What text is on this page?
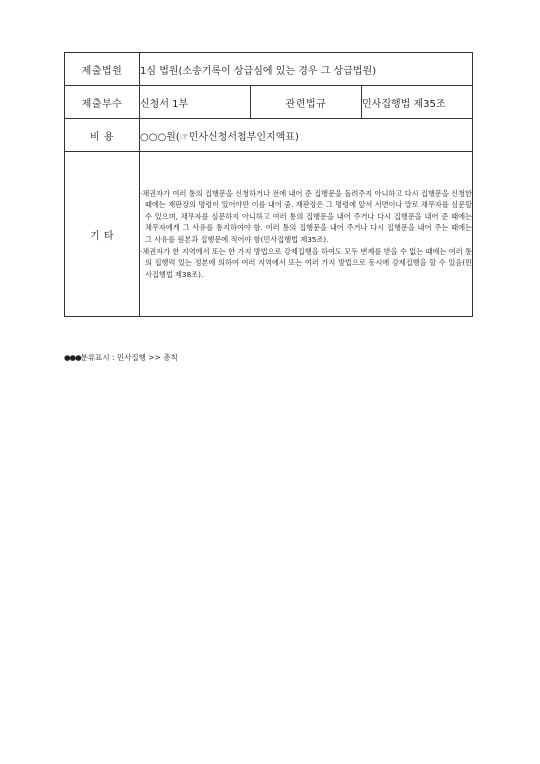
제출법원	1심 법원(소송기록이 상급심에 있는 경우 그 상급법원)		
제출부수	신청서 1부	관련법규	민사집행법 제35조
비 용	○○○원(☞민사신청서첩부인지액표)		
기 타	·채권자가 여러 통의 집행문을 신청하거나 전에 내어 준 집행문을 돌려주지 아니하고 다시 집행문을 신청한 때에는 재판장의 명령이 있어야만 이를 내어 줌. 재판장은 그 명령에 앞서 서면이나 말로 채무자를 심문할 수 있으며, 채무자를 심문하지 아니하고 여러 통의 집행문을 내어 주거나 다시 집행문을 내어 준 때에는 채무자에게 그 사유를 통지하여야 함. 여러 통의 집행문을 내어 주거나 다시 집행문을 내어 주는 때에는 그 사유를 원본과 집행문에 적어야 함(민사집행법 제35조).

·채권자가 한 지역에서 또는 한 가지 방법으로 강제집행을 하여도 모두 변제를 받을 수 없는 때에는 여러 통의 집행력 있는 정본에 의하여 여러 지역에서 또는 여러 가지 방법으로 동시에 강제집행을 할 수 있음(민사집행법 제38조).		

●●●분류표시 : 민사집행 >> 총칙
